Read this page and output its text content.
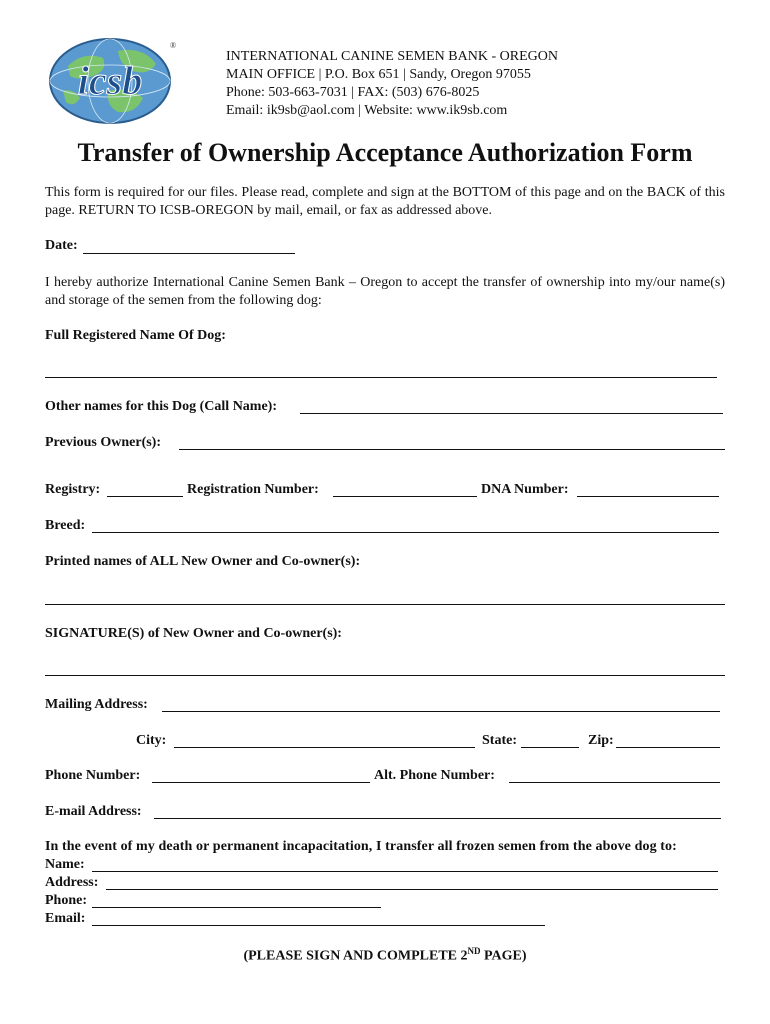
icsb
®
INTERNATIONAL CANINE SEMEN BANK - OREGON
MAIN OFFICE | P.O. Box 651 | Sandy, Oregon 97055
Phone: 503-663-7031 | FAX: (503) 676-8025
Email: ik9sb@aol.com | Website: www.ik9sb.com
Transfer of Ownership Acceptance Authorization Form
This form is required for our files. Please read, complete and sign at the BOTTOM of this page and on the BACK of this page. RETURN TO ICSB-OREGON by mail, email, or fax as addressed above.
Date:
I hereby authorize International Canine Semen Bank – Oregon to accept the transfer of ownership into my/our name(s) and storage of the semen from the following dog:
Full Registered Name Of Dog:
Other names for this Dog (Call Name):
Previous Owner(s):
Registry:	Registration Number:	DNA Number:
Breed:
Printed names of ALL New Owner and Co-owner(s):
SIGNATURE(S) of New Owner and Co-owner(s):
Mailing Address:
City:	State:	Zip:
Phone Number:	Alt. Phone Number:
E-mail Address:
In the event of my death or permanent incapacitation, I transfer all frozen semen from the above dog to:
Name:
Address:
Phone:
Email:
(PLEASE SIGN AND COMPLETE 2ND PAGE)
